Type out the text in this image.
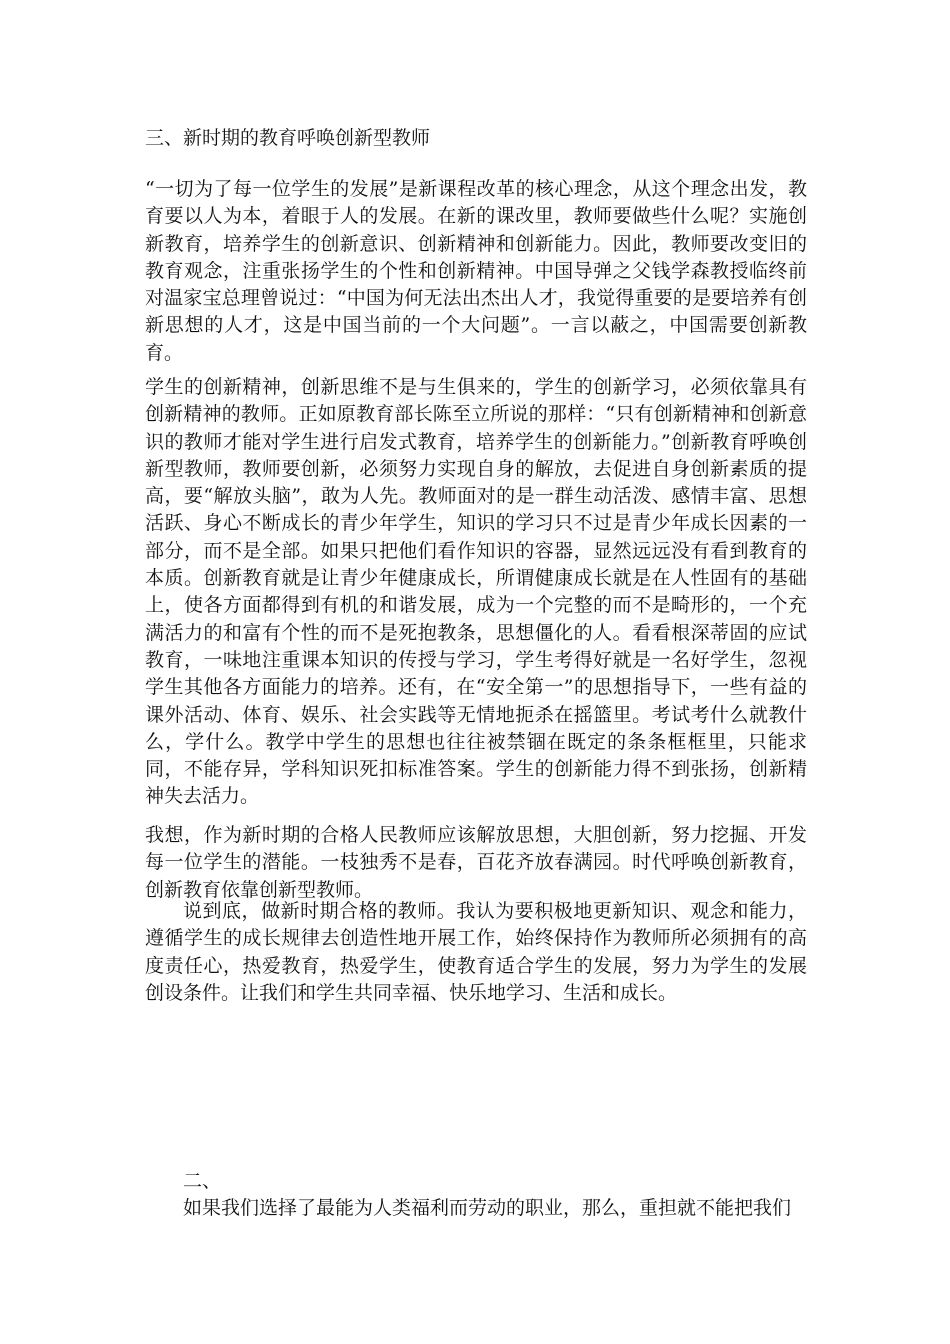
三、新时期的教育呼唤创新型教师

“一切为了每一位学生的发展”是新课程改革的核心理念，从这个理念出发，教育要以人为本，着眼于人的发展。在新的课改里，教师要做些什么呢？实施创新教育，培养学生的创新意识、创新精神和创新能力。因此，教师要改变旧的教育观念，注重张扬学生的个性和创新精神。中国导弹之父钱学森教授临终前对温家宝总理曾说过：“中国为何无法出杰出人才，我觉得重要的是要培养有创新思想的人才，这是中国当前的一个大问题”。一言以蔽之，中国需要创新教育。

学生的创新精神，创新思维不是与生俱来的，学生的创新学习，必须依靠具有创新精神的教师。正如原教育部长陈至立所说的那样：“只有创新精神和创新意识的教师才能对学生进行启发式教育，培养学生的创新能力。”创新教育呼唤创新型教师，教师要创新，必须努力实现自身的解放，去促进自身创新素质的提高，要“解放头脑”，敢为人先。教师面对的是一群生动活泼、感情丰富、思想活跃、身心不断成长的青少年学生，知识的学习只不过是青少年成长因素的一部分，而不是全部。如果只把他们看作知识的容器，显然远远没有看到教育的本质。创新教育就是让青少年健康成长，所谓健康成长就是在人性固有的基础上，使各方面都得到有机的和谐发展，成为一个完整的而不是畸形的，一个充满活力的和富有个性的而不是死抱教条，思想僵化的人。看看根深蒂固的应试教育，一味地注重课本知识的传授与学习，学生考得好就是一名好学生，忽视学生其他各方面能力的培养。还有，在“安全第一”的思想指导下，一些有益的课外活动、体育、娱乐、社会实践等无情地扼杀在摇篮里。考试考什么就教什么，学什么。教学中学生的思想也往往被禁锢在既定的条条框框里，只能求同，不能存异，学科知识死扣标准答案。学生的创新能力得不到张扬，创新精神失去活力。

我想，作为新时期的合格人民教师应该解放思想，大胆创新，努力挖掘、开发每一位学生的潜能。一枝独秀不是春，百花齐放春满园。时代呼唤创新教育，创新教育依靠创新型教师。

说到底，做新时期合格的教师。我认为要积极地更新知识、观念和能力，遵循学生的成长规律去创造性地开展工作，始终保持作为教师所必须拥有的高度责任心，热爱教育，热爱学生，使教育适合学生的发展，努力为学生的发展创设条件。让我们和学生共同幸福、快乐地学习、生活和成长。

二、

如果我们选择了最能为人类福利而劳动的职业，那么，重担就不能把我们
